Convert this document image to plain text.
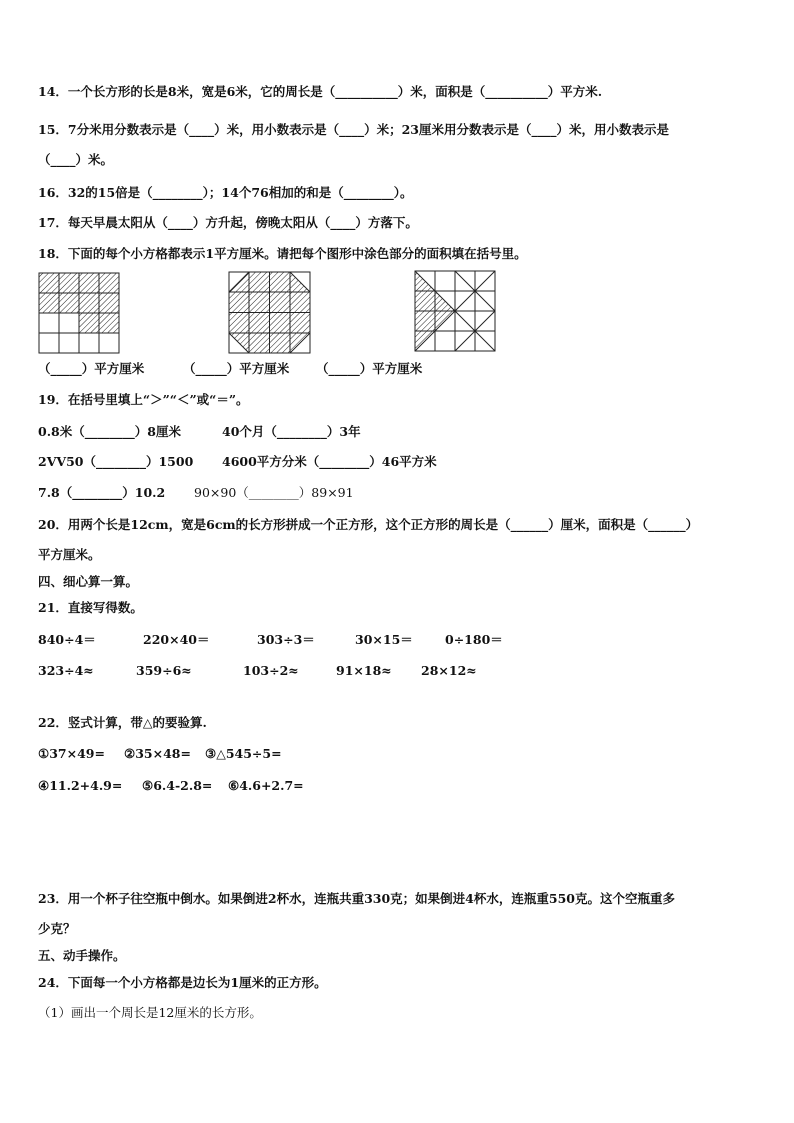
14．一个长方形的长是8米，宽是6米，它的周长是（__________）米，面积是（__________）平方米.
15．7分米用分数表示是（____）米，用小数表示是（____）米；23厘米用分数表示是（____）米，用小数表示是
（____）米。
16．32的15倍是（________）；14个76相加的和是（________）。
17．每天早晨太阳从（____）方升起，傍晚太阳从（____）方落下。
18．下面的每个小方格都表示1平方厘米。请把每个图形中涂色部分的面积填在括号里。
（_____）平方厘米	（_____）平方厘米 （_____）平方厘米
19．在括号里填上“＞”“＜”或“＝”。
0.8米（________）8厘米	40个月（________）3年
2VV50（________）1500 4600平方分米（________）46平方米
7.8（________）10.2 90×90（________）89×91
20．用两个长是12cm，宽是6cm的长方形拼成一个正方形，这个正方形的周长是（______）厘米，面积是（______）
平方厘米。
四、细心算一算。
21．直接写得数。
840÷4＝	220×40＝	303÷3＝	30×15＝	0÷180＝
323÷4≈	359÷6≈	103÷2≈	91×18≈ 28×12≈
22．竖式计算，带△的要验算.
①37×49= ②35×48= ③△545÷5=
④11.2+4.9= ⑤6.4-2.8= ⑥4.6+2.7=
23．用一个杯子往空瓶中倒水。如果倒进2杯水，连瓶共重330克；如果倒进4杯水，连瓶重550克。这个空瓶重多
少克？
五、动手操作。
24．下面每一个小方格都是边长为1厘米的正方形。
（1）画出一个周长是12厘米的长方形。
